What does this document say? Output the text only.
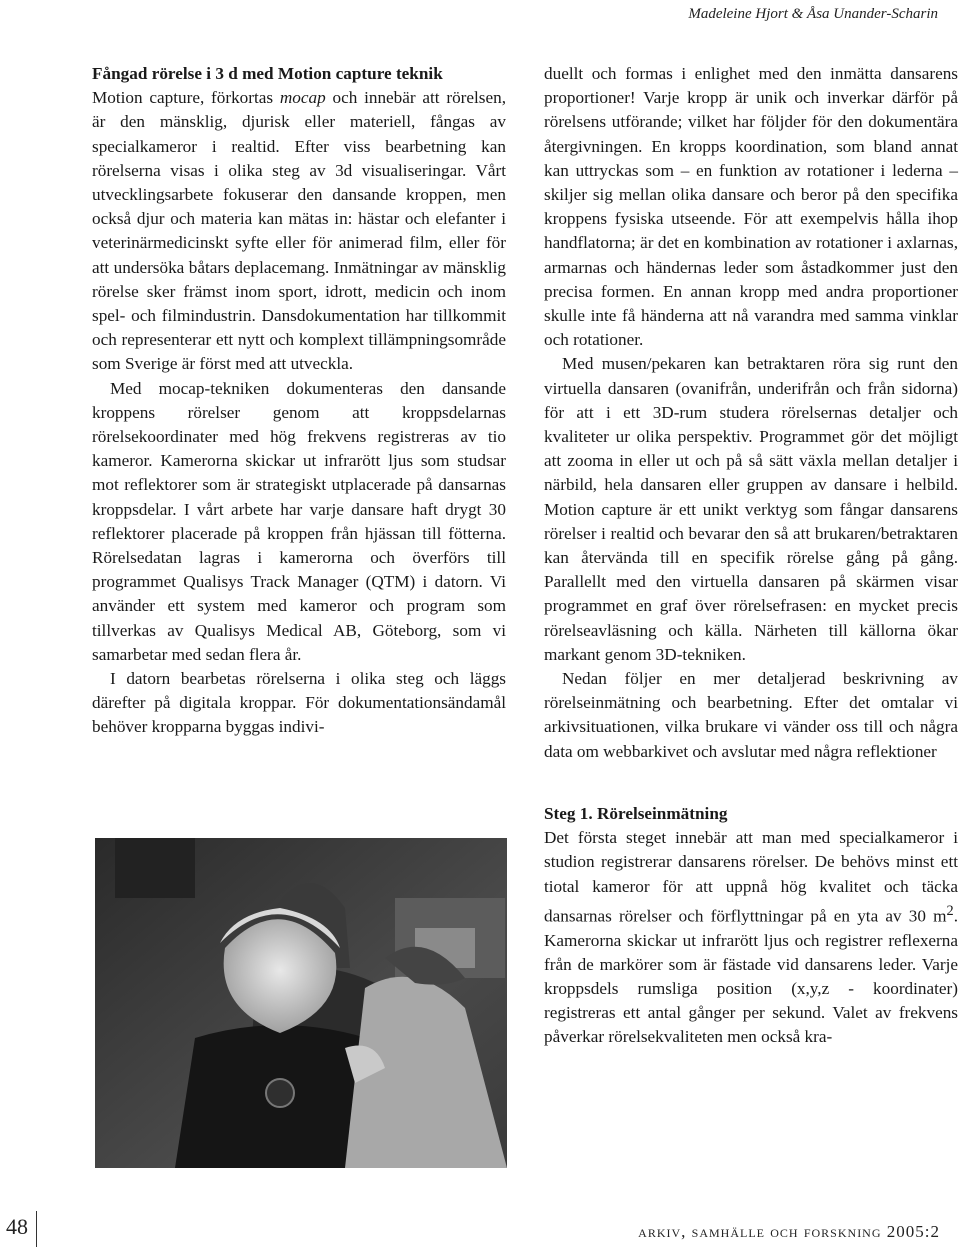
Madeleine Hjort & Åsa Unander-Scharin

Fångad rörelse i 3 d med Motion capture teknik

Motion capture, förkortas mocap och innebär att rörelsen, är den mänsklig, djurisk eller materiell, fångas av specialkameror i realtid. Efter viss bearbetning kan rörelserna visas i olika steg av 3d visualiseringar. Vårt utvecklingsarbete fokuserar den dansande kroppen, men också djur och materia kan mätas in: hästar och elefanter i veterinärmedicinskt syfte eller för animerad film, eller för att undersöka båtars deplacemang. Inmätningar av mänsklig rörelse sker främst inom sport, idrott, medicin och inom spel- och filmindustrin. Dansdokumentation har tillkommit och representerar ett nytt och komplext tillämpningsområde som Sverige är först med att utveckla.

Med mocap-tekniken dokumenteras den dansande kroppens rörelser genom att kroppsdelarnas rörelsekoordinater med hög frekvens registreras av tio kameror. Kamerorna skickar ut infrarött ljus som studsar mot reflektorer som är strategiskt utplacerade på dansarnas kroppsdelar. I vårt arbete har varje dansare haft drygt 30 reflektorer placerade på kroppen från hjässan till fötterna. Rörelsedatan lagras i kamerorna och överförs till programmet Qualisys Track Manager (QTM) i datorn. Vi använder ett system med kameror och program som tillverkas av Qualisys Medical AB, Göteborg, som vi samarbetar med sedan flera år.

I datorn bearbetas rörelserna i olika steg och läggs därefter på digitala kroppar. För dokumentationsändamål behöver kropparna byggas indivi-

duellt och formas i enlighet med den inmätta dansarens proportioner! Varje kropp är unik och inverkar därför på rörelsens utförande; vilket har följder för den dokumentära återgivningen. En kropps koordination, som bland annat kan uttryckas som – en funktion av rotationer i lederna – skiljer sig mellan olika dansare och beror på den specifika kroppens fysiska utseende. För att exempelvis hålla ihop handflatorna; är det en kombination av rotationer i axlarnas, armarnas och händernas leder som åstadkommer just den precisa formen. En annan kropp med andra proportioner skulle inte få händerna att nå varandra med samma vinklar och rotationer.

Med musen/pekaren kan betraktaren röra sig runt den virtuella dansaren (ovanifrån, underifrån och från sidorna) för att i ett 3D-rum studera rörelsernas detaljer och kvaliteter ur olika perspektiv. Programmet gör det möjligt att zooma in eller ut och på så sätt växla mellan detaljer i närbild, hela dansaren eller gruppen av dansare i helbild. Motion capture är ett unikt verktyg som fångar dansarens rörelser i realtid och bevarar den så att brukaren/betraktaren kan återvända till en specifik rörelse gång på gång. Parallellt med den virtuella dansaren på skärmen visar programmet en graf över rörelsefrasen: en mycket precis rörelseavläsning och källa. Närheten till källorna ökar markant genom 3D-tekniken.

Nedan följer en mer detaljerad beskrivning av rörelseinmätning och bearbetning. Efter det omtalar vi arkivsituationen, vilka brukare vi vänder oss till och några data om webbarkivet och avslutar med några reflektioner

Steg 1. Rörelseinmätning

Det första steget innebär att man med specialkameror i studion registrerar dansarens rörelser. De behövs minst ett tiotal kameror för att uppnå hög kvalitet och täcka dansarnas rörelser och förflyttningar på en yta av 30 $m^2$. Kamerorna skickar ut infrarött ljus och registrer reflexerna från de markörer som är fästade vid dansarens leder. Varje kroppsdels rumsliga position (x,y,z - koordinater) registreras ett antal gånger per sekund. Valet av frekvens påverkar rörelsekvaliteten men också kra-

48	arkiv, samhälle och forskning 2005:2
